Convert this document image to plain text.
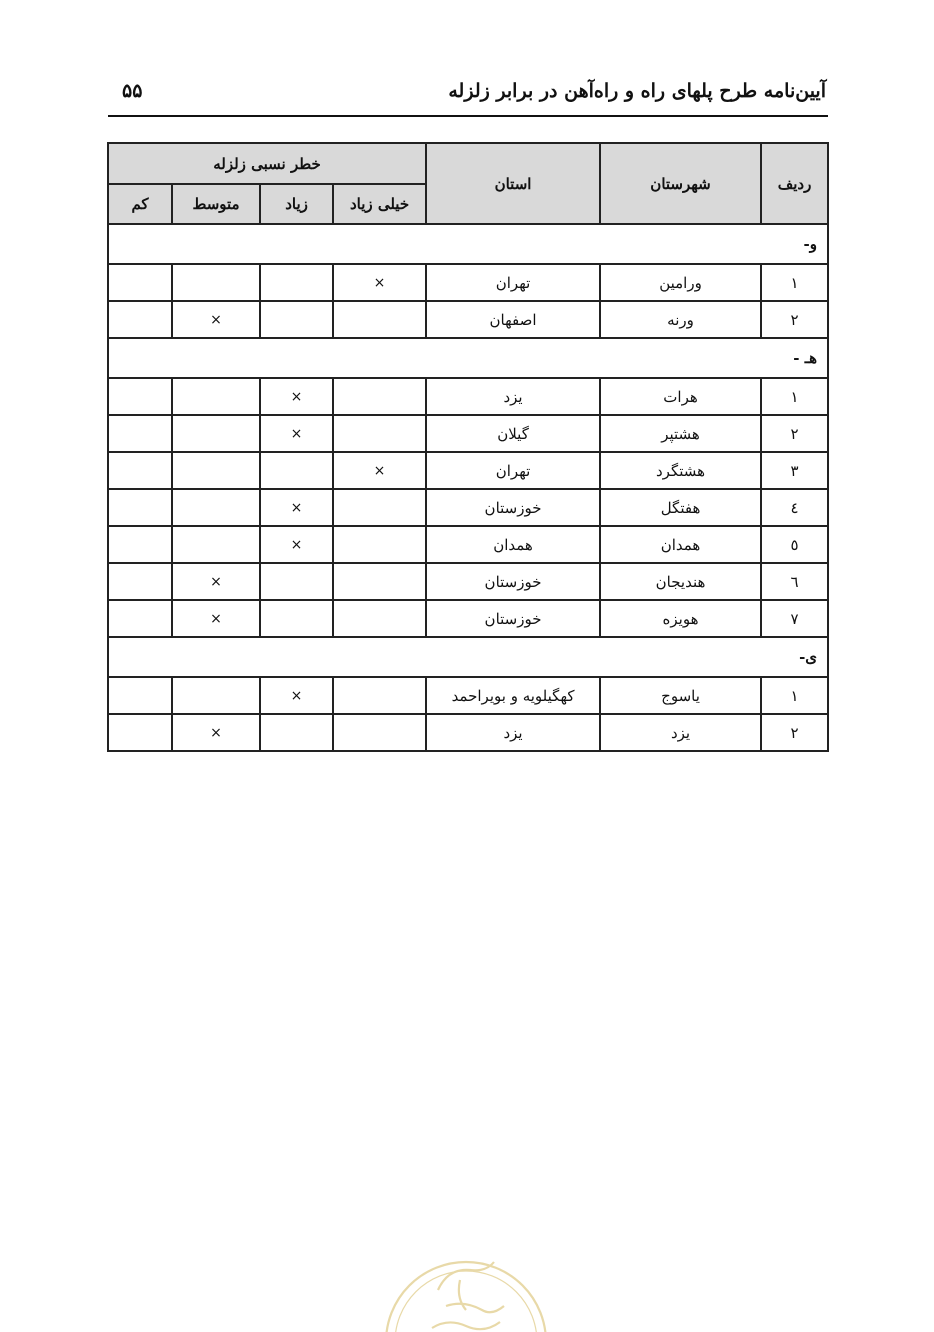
آیین‌نامه طرح پلهای راه و راه‌آهن در برابر زلزله
۵۵
ردیف	شهرستان	استان	خطر نسبی زلزله			
			خیلی زیاد	زیاد	متوسط	کم
و-						
۱	ورامین	تهران	×			
۲	ورنه	اصفهان			×	
هـ -						
۱	هرات	یزد		×		
۲	هشتپر	گیلان		×		
۳	هشتگرد	تهران	×			
٤	هفتگل	خوزستان		×		
٥	همدان	همدان		×		
٦	هندیجان	خوزستان			×	
۷	هویزه	خوزستان			×	
ی-						
۱	یاسوج	کهگیلویه و بویراحمد		×		
۲	یزد	یزد			×	
